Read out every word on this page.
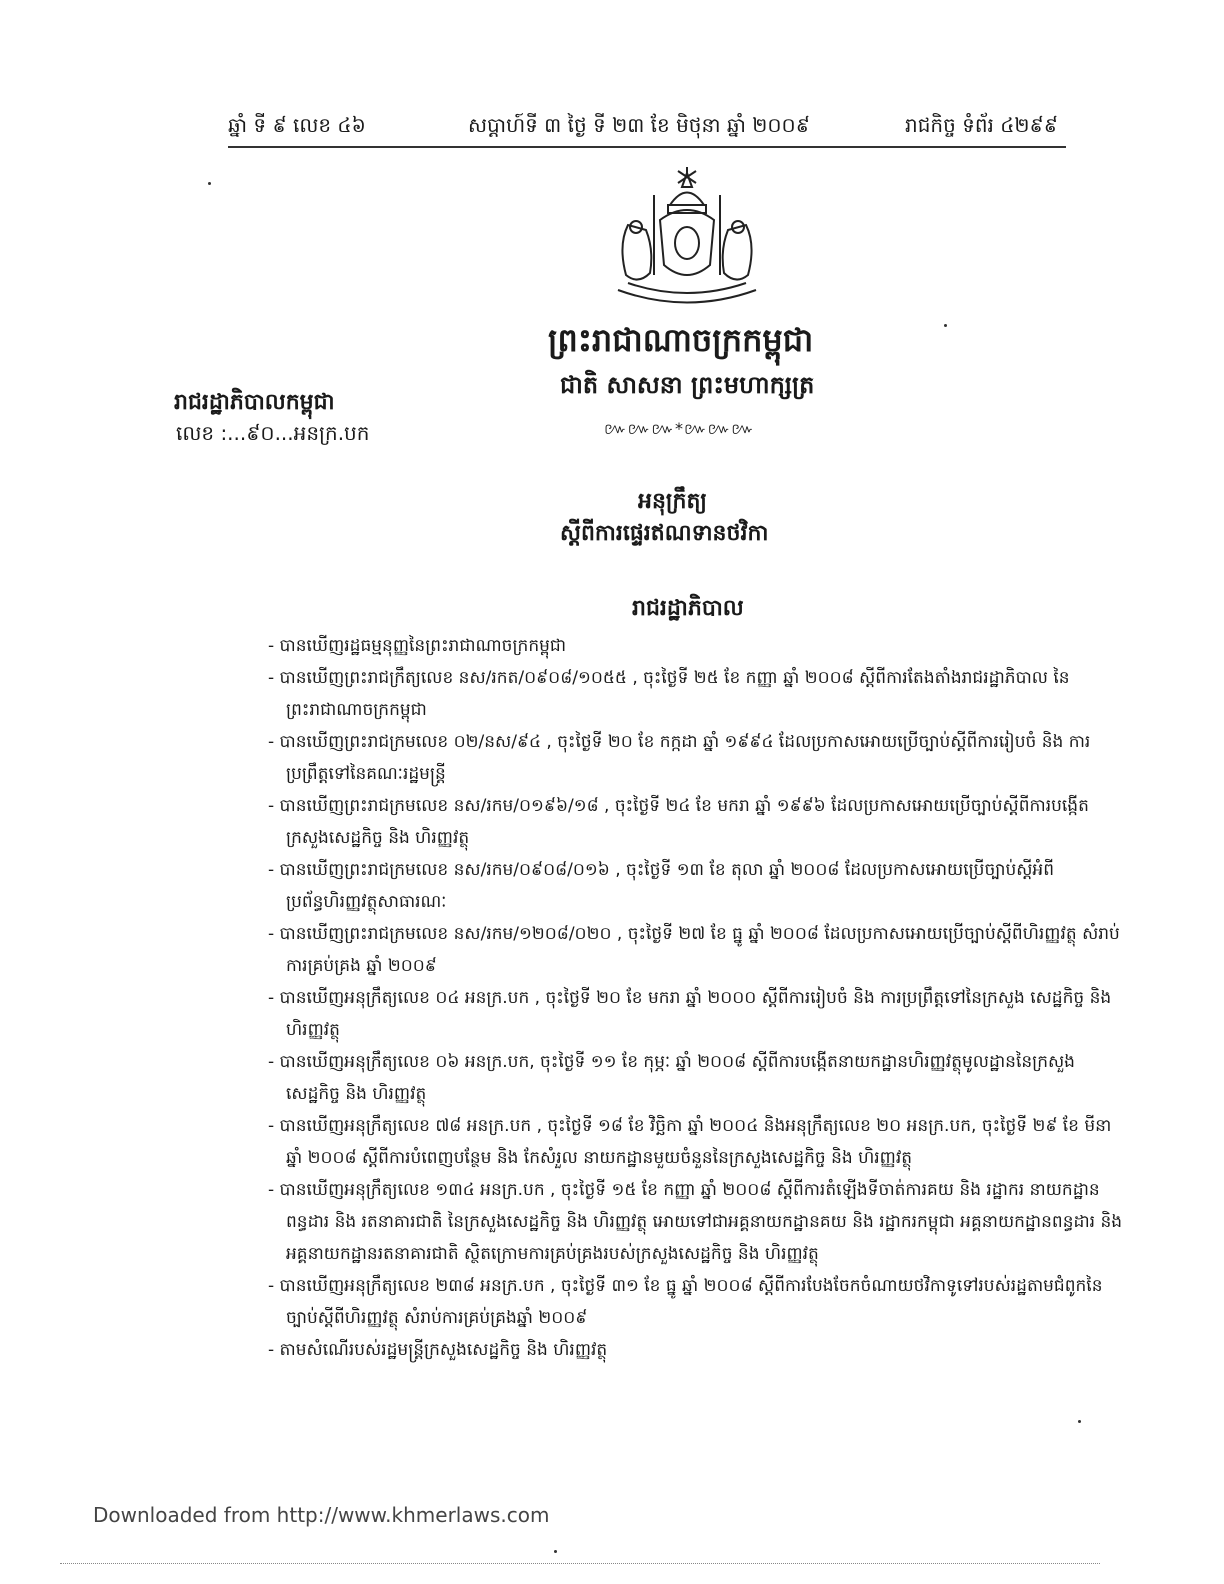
ឆ្នាំ ទី ៩ លេខ ៤៦	សប្តាហ៍ទី ៣ ថ្ងៃ ទី ២៣ ខែ មិថុនា ឆ្នាំ ២០០៩	រាជកិច្ច ទំព័រ ៤២៩៩
ព្រះរាជាណាចក្រកម្ពុជា
ជាតិ សាសនា ព្រះមហាក្សត្រ
៚៚៚*៚៚៚
រាជរដ្ឋាភិបាលកម្ពុជា
លេខ :...៩០...អនក្រ.បក
អនុក្រឹត្យ
ស្តីពីការផ្ទេរឥណទានថវិកា
រាជរដ្ឋាភិបាល
- បានឃើញរដ្ឋធម្មនុញ្ញនៃព្រះរាជាណាចក្រកម្ពុជា
- បានឃើញព្រះរាជក្រឹត្យលេខ នស/រកត/០៩០៨/១០៥៥ , ចុះថ្ងៃទី ២៥ ខែ កញ្ញា ឆ្នាំ ២០០៨ ស្តីពីការតែងតាំងរាជរដ្ឋាភិបាល នៃព្រះរាជាណាចក្រកម្ពុជា
- បានឃើញព្រះរាជក្រមលេខ ០២/នស/៩៤ , ចុះថ្ងៃទី ២០ ខែ កក្កដា ឆ្នាំ ១៩៩៤ ដែលប្រកាសអោយប្រើច្បាប់ស្តីពីការរៀបចំ និង ការប្រព្រឹត្តទៅនៃគណៈរដ្ឋមន្ត្រី
- បានឃើញព្រះរាជក្រមលេខ នស/រកម/០១៩៦/១៨ , ចុះថ្ងៃទី ២៤ ខែ មករា ឆ្នាំ ១៩៩៦ ដែលប្រកាសអោយប្រើច្បាប់ស្តីពីការបង្កើតក្រសួងសេដ្ឋកិច្ច និង ហិរញ្ញវត្ថុ
- បានឃើញព្រះរាជក្រមលេខ នស/រកម/០៩០៨/០១៦ , ចុះថ្ងៃទី ១៣ ខែ តុលា ឆ្នាំ ២០០៨ ដែលប្រកាសអោយប្រើច្បាប់ស្តីអំពីប្រព័ន្ធហិរញ្ញវត្ថុសាធារណៈ
- បានឃើញព្រះរាជក្រមលេខ នស/រកម/១២០៨/០២០ , ចុះថ្ងៃទី ២៧ ខែ ធ្នូ ឆ្នាំ ២០០៨ ដែលប្រកាសអោយប្រើច្បាប់ស្តីពីហិរញ្ញវត្ថុ សំរាប់ការគ្រប់គ្រង ឆ្នាំ ២០០៩
- បានឃើញអនុក្រឹត្យលេខ ០៤ អនក្រ.បក , ចុះថ្ងៃទី ២០ ខែ មករា ឆ្នាំ ២០០០ ស្តីពីការរៀបចំ និង ការប្រព្រឹត្តទៅនៃក្រសួង សេដ្ឋកិច្ច និង ហិរញ្ញវត្ថុ
- បានឃើញអនុក្រឹត្យលេខ ០៦ អនក្រ.បក, ចុះថ្ងៃទី ១១ ខែ កុម្ភៈ ឆ្នាំ ២០០៨ ស្តីពីការបង្កើតនាយកដ្ឋានហិរញ្ញវត្ថុមូលដ្ឋាននៃក្រសួងសេដ្ឋកិច្ច និង ហិរញ្ញវត្ថុ
- បានឃើញអនុក្រឹត្យលេខ ៧៨ អនក្រ.បក , ចុះថ្ងៃទី ១៨ ខែ វិច្ឆិកា ឆ្នាំ ២០០៤ និងអនុក្រឹត្យលេខ ២០ អនក្រ.បក, ចុះថ្ងៃទី ២៩ ខែ មីនា ឆ្នាំ ២០០៨ ស្តីពីការបំពេញបន្ថែម និង កែសំរួល នាយកដ្ឋានមួយចំនួននៃក្រសួងសេដ្ឋកិច្ច និង ហិរញ្ញវត្ថុ
- បានឃើញអនុក្រឹត្យលេខ ១៣៤ អនក្រ.បក , ចុះថ្ងៃទី ១៥ ខែ កញ្ញា ឆ្នាំ ២០០៨ ស្តីពីការតំឡើងទីចាត់ការគយ និង រដ្ឋាករ នាយកដ្ឋានពន្ធដារ និង រតនាគារជាតិ នៃក្រសួងសេដ្ឋកិច្ច និង ហិរញ្ញវត្ថុ អោយទៅជាអគ្គនាយកដ្ឋានគយ និង រដ្ឋាករកម្ពុជា អគ្គនាយកដ្ឋានពន្ធដារ និង អគ្គនាយកដ្ឋានរតនាគារជាតិ ស្ថិតក្រោមការគ្រប់គ្រងរបស់ក្រសួងសេដ្ឋកិច្ច និង ហិរញ្ញវត្ថុ
- បានឃើញអនុក្រឹត្យលេខ ២៣៨ អនក្រ.បក , ចុះថ្ងៃទី ៣១ ខែ ធ្នូ ឆ្នាំ ២០០៨ ស្តីពីការបែងចែកចំណាយថវិកាទូទៅរបស់រដ្ឋតាមជំពូកនៃច្បាប់ស្តីពីហិរញ្ញវត្ថុ សំរាប់ការគ្រប់គ្រងឆ្នាំ ២០០៩
- តាមសំណើរបស់រដ្ឋមន្ត្រីក្រសួងសេដ្ឋកិច្ច និង ហិរញ្ញវត្ថុ
Downloaded from http://www.khmerlaws.com
